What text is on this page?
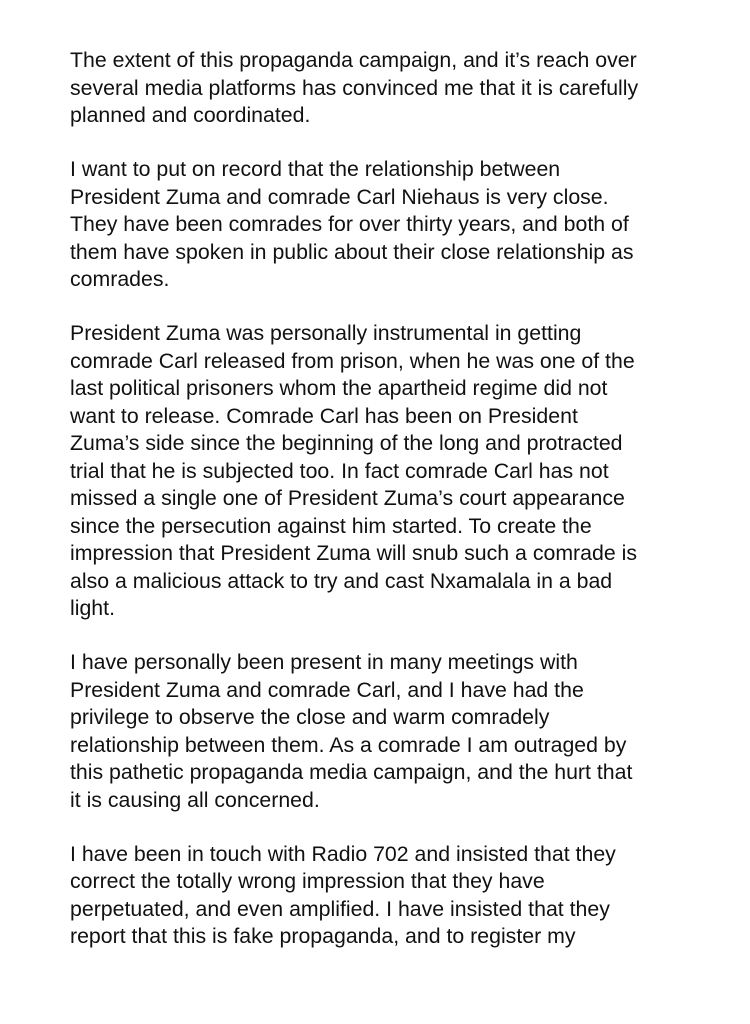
The extent of this propaganda campaign, and it’s reach over
several media platforms has convinced me that it is carefully
planned and coordinated.

I want to put on record that the relationship between
President Zuma and comrade Carl Niehaus is very close.
They have been comrades for over thirty years, and both of
them have spoken in public about their close relationship as
comrades.

President Zuma was personally instrumental in getting
comrade Carl released from prison, when he was one of the
last political prisoners whom the apartheid regime did not
want to release. Comrade Carl has been on President
Zuma’s side since the beginning of the long and protracted
trial that he is subjected too. In fact comrade Carl has not
missed a single one of President Zuma’s court appearance
since the persecution against him started. To create the
impression that President Zuma will snub such a comrade is
also a malicious attack to try and cast Nxamalala in a bad
light.

I have personally been present in many meetings with
President Zuma and comrade Carl, and I have had the
privilege to observe the close and warm comradely
relationship between them. As a comrade I am outraged by
this pathetic propaganda media campaign, and the hurt that
it is causing all concerned.

I have been in touch with Radio 702 and insisted that they
correct the totally wrong impression that they have
perpetuated, and even amplified. I have insisted that they
report that this is fake propaganda, and to register my
